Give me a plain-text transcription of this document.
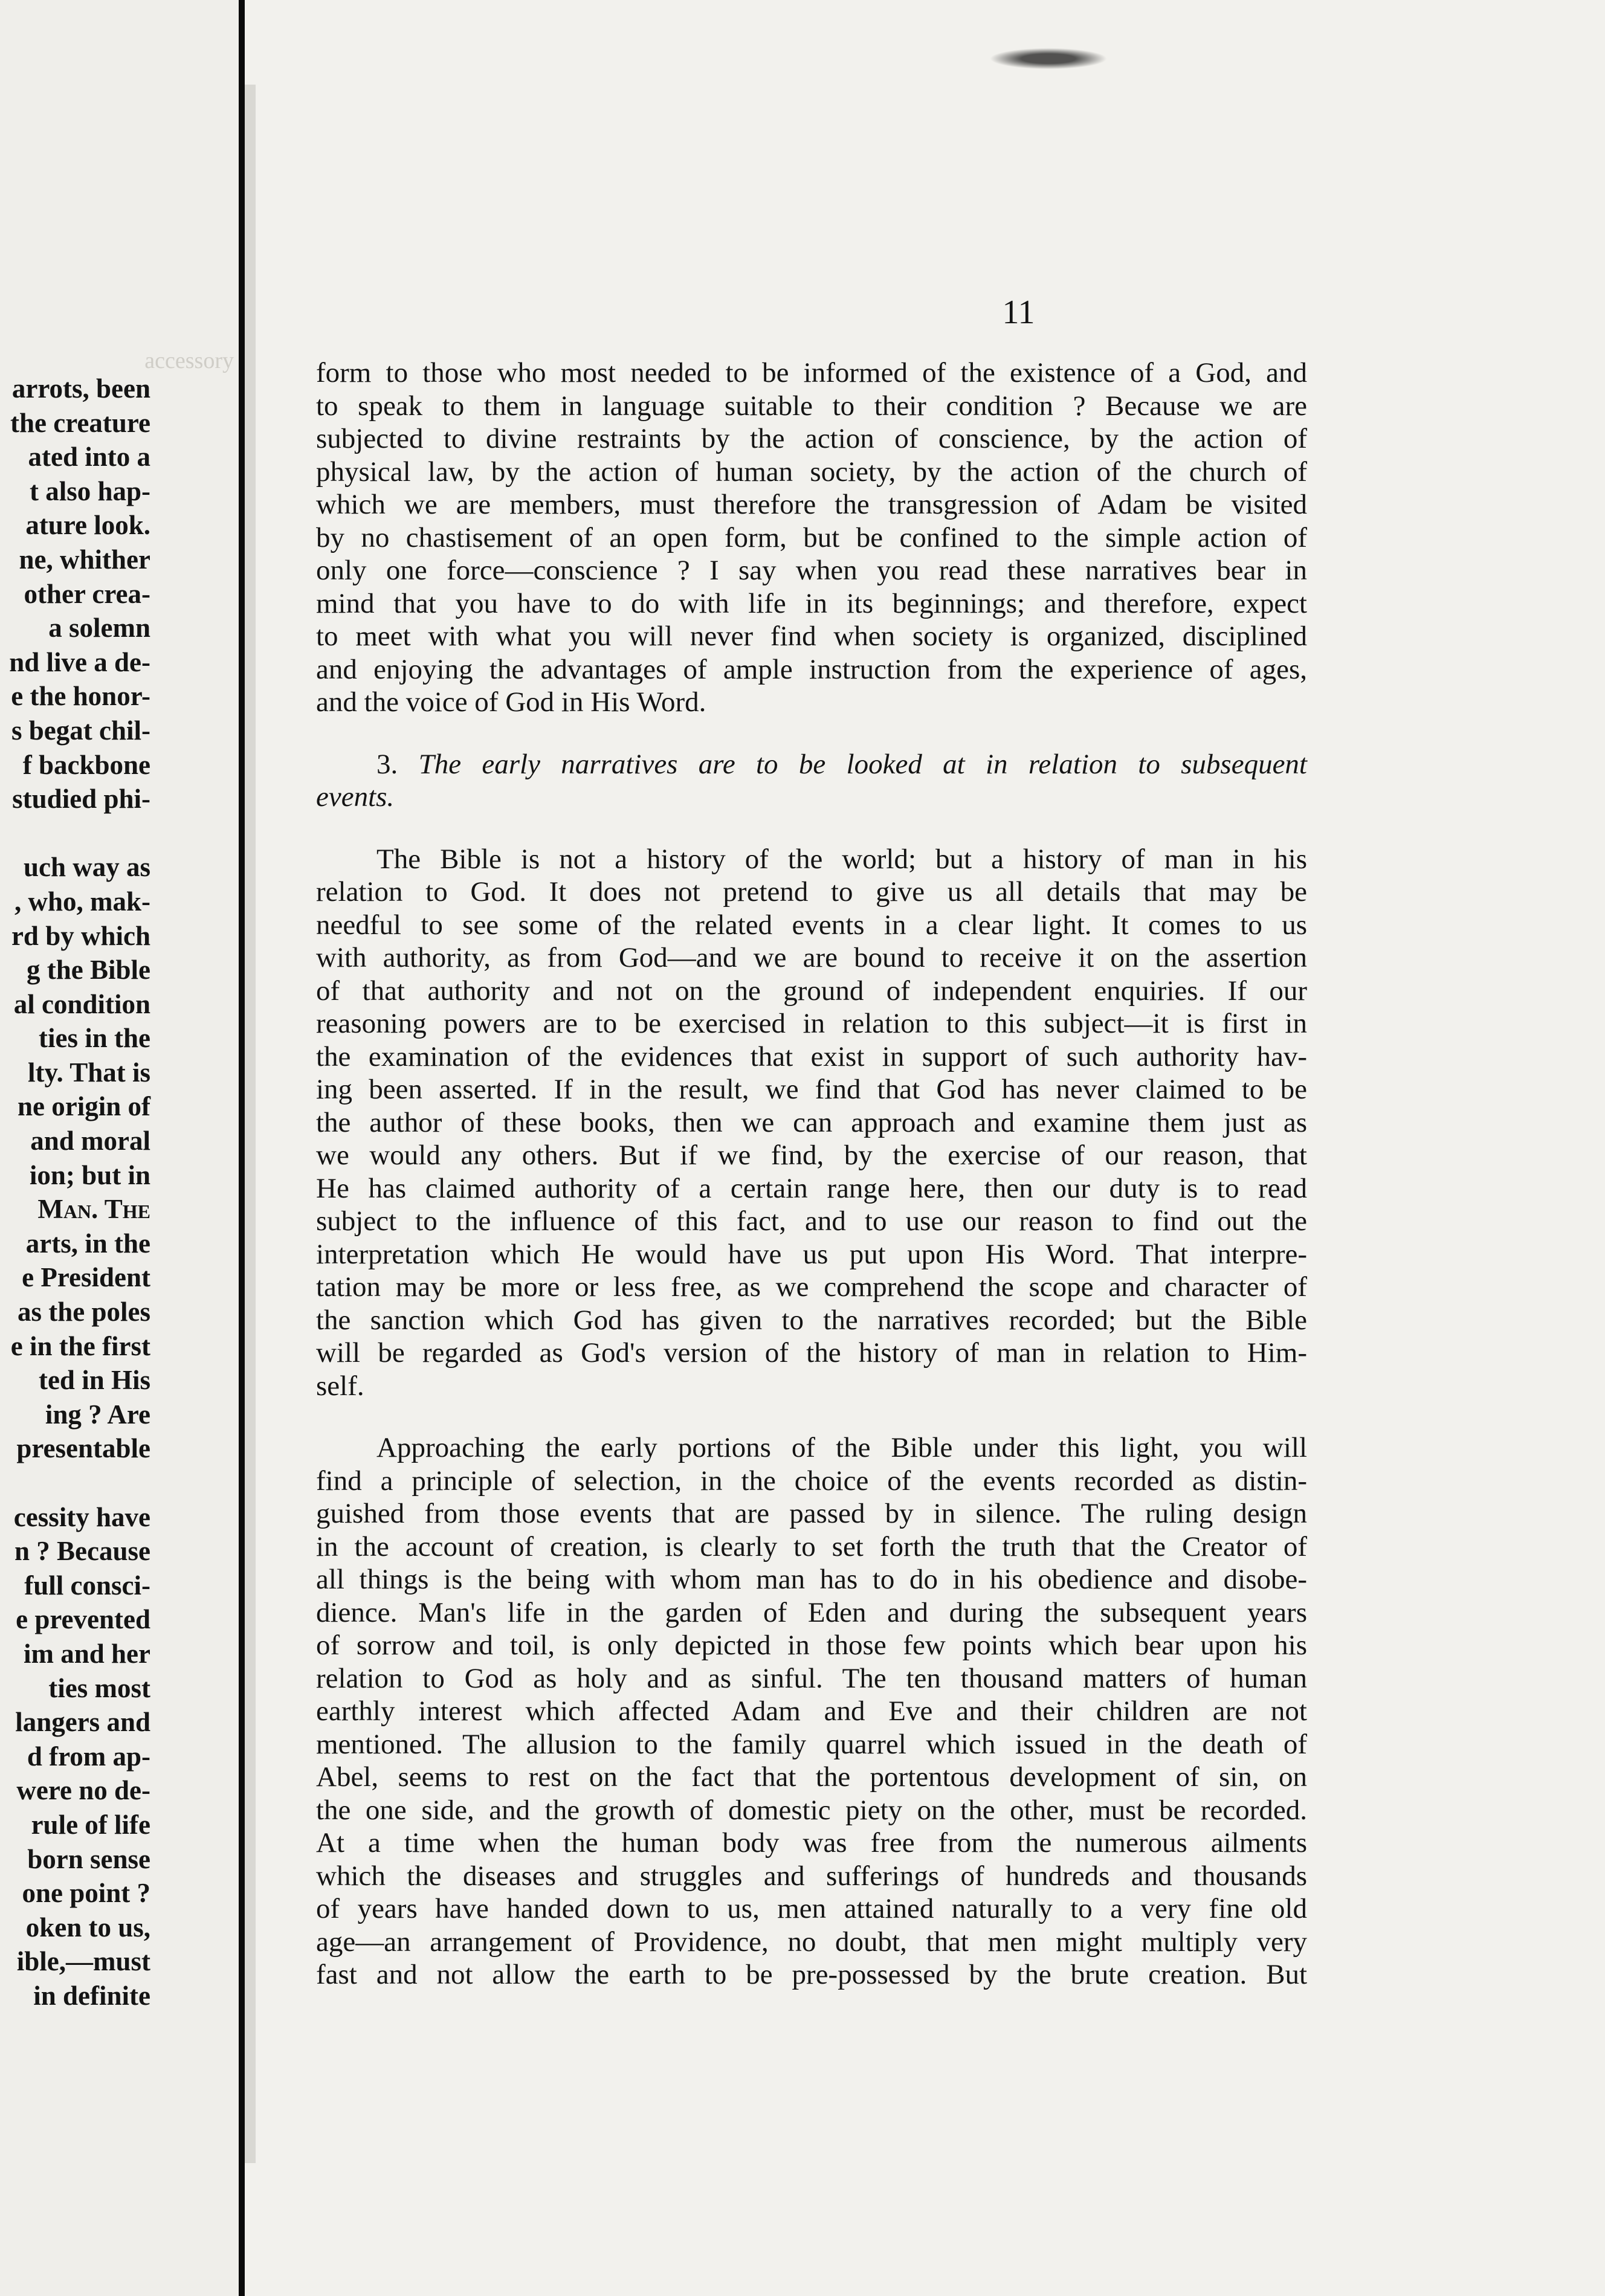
accessory
arrots, been
the creature
ated into a
t also hap-
ature look.
ne, whither
other crea-
a solemn
nd live a de-
e the honor-
s begat chil-
f backbone
studied phi-

uch way as
, who, mak-
rd by which
g the Bible
al condition
ties in the
lty. That is
ne origin of
and moral
ion; but in
Man. The
arts, in the
e President
as the poles
e in the first
ted in His
ing ? Are
presentable

cessity have
n ? Because
full consci-
e prevented
im and her
ties most
langers and
d from ap-
were no de-
rule of life
born sense
one point ?
oken to us,
ible,—must
in definite
11

form to those who most needed to be informed of the existence of a God, and
to speak to them in language suitable to their condition ? Because we are
subjected to divine restraints by the action of conscience, by the action of
physical law, by the action of human society, by the action of the church of
which we are members, must therefore the transgression of Adam be visited
by no chastisement of an open form, but be confined to the simple action of
only one force—conscience ? I say when you read these narratives bear in
mind that you have to do with life in its beginnings; and therefore, expect
to meet with what you will never find when society is organized, disciplined
and enjoying the advantages of ample instruction from the experience of ages,
and the voice of God in His Word.

3. The early narratives are to be looked at in relation to subsequent
events.

The Bible is not a history of the world; but a history of man in his
relation to God. It does not pretend to give us all details that may be
needful to see some of the related events in a clear light. It comes to us
with authority, as from God—and we are bound to receive it on the assertion
of that authority and not on the ground of independent enquiries. If our
reasoning powers are to be exercised in relation to this subject—it is first in
the examination of the evidences that exist in support of such authority hav-
ing been asserted. If in the result, we find that God has never claimed to be
the author of these books, then we can approach and examine them just as
we would any others. But if we find, by the exercise of our reason, that
He has claimed authority of a certain range here, then our duty is to read
subject to the influence of this fact, and to use our reason to find out the
interpretation which He would have us put upon His Word. That interpre-
tation may be more or less free, as we comprehend the scope and character of
the sanction which God has given to the narratives recorded; but the Bible
will be regarded as God's version of the history of man in relation to Him-
self.

Approaching the early portions of the Bible under this light, you will
find a principle of selection, in the choice of the events recorded as distin-
guished from those events that are passed by in silence. The ruling design
in the account of creation, is clearly to set forth the truth that the Creator of
all things is the being with whom man has to do in his obedience and disobe-
dience. Man's life in the garden of Eden and during the subsequent years
of sorrow and toil, is only depicted in those few points which bear upon his
relation to God as holy and as sinful. The ten thousand matters of human
earthly interest which affected Adam and Eve and their children are not
mentioned. The allusion to the family quarrel which issued in the death of
Abel, seems to rest on the fact that the portentous development of sin, on
the one side, and the growth of domestic piety on the other, must be recorded.
At a time when the human body was free from the numerous ailments
which the diseases and struggles and sufferings of hundreds and thousands
of years have handed down to us, men attained naturally to a very fine old
age—an arrangement of Providence, no doubt, that men might multiply very
fast and not allow the earth to be pre-possessed by the brute creation. But
